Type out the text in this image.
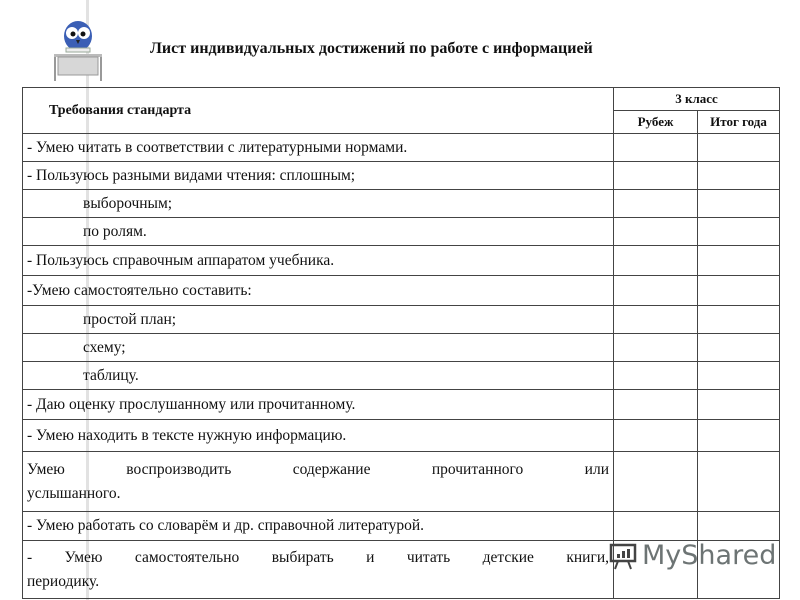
Лист индивидуальных достижений по работе с информацией
Требования стандарта	3 класс	
	Рубеж	Итог года
- Умею читать в соответствии с литературными нормами.		
- Пользуюсь разными видами чтения: сплошным;		
выборочным;		
по ролям.		
- Пользуюсь справочным аппаратом учебника.		
-Умею самостоятельно составить:		
простой план;		
схему;		
таблицу.		
- Даю оценку прослушанному или прочитанному.		
- Умею находить в тексте нужную информацию.		

Умею воспроизводить содержание прочитанного или
услышанного.		

- Умею работать со словарём и др. справочной литературой.		

- Умею самостоятельно выбирать и читать детские книги,
периодику.		

MyShared
